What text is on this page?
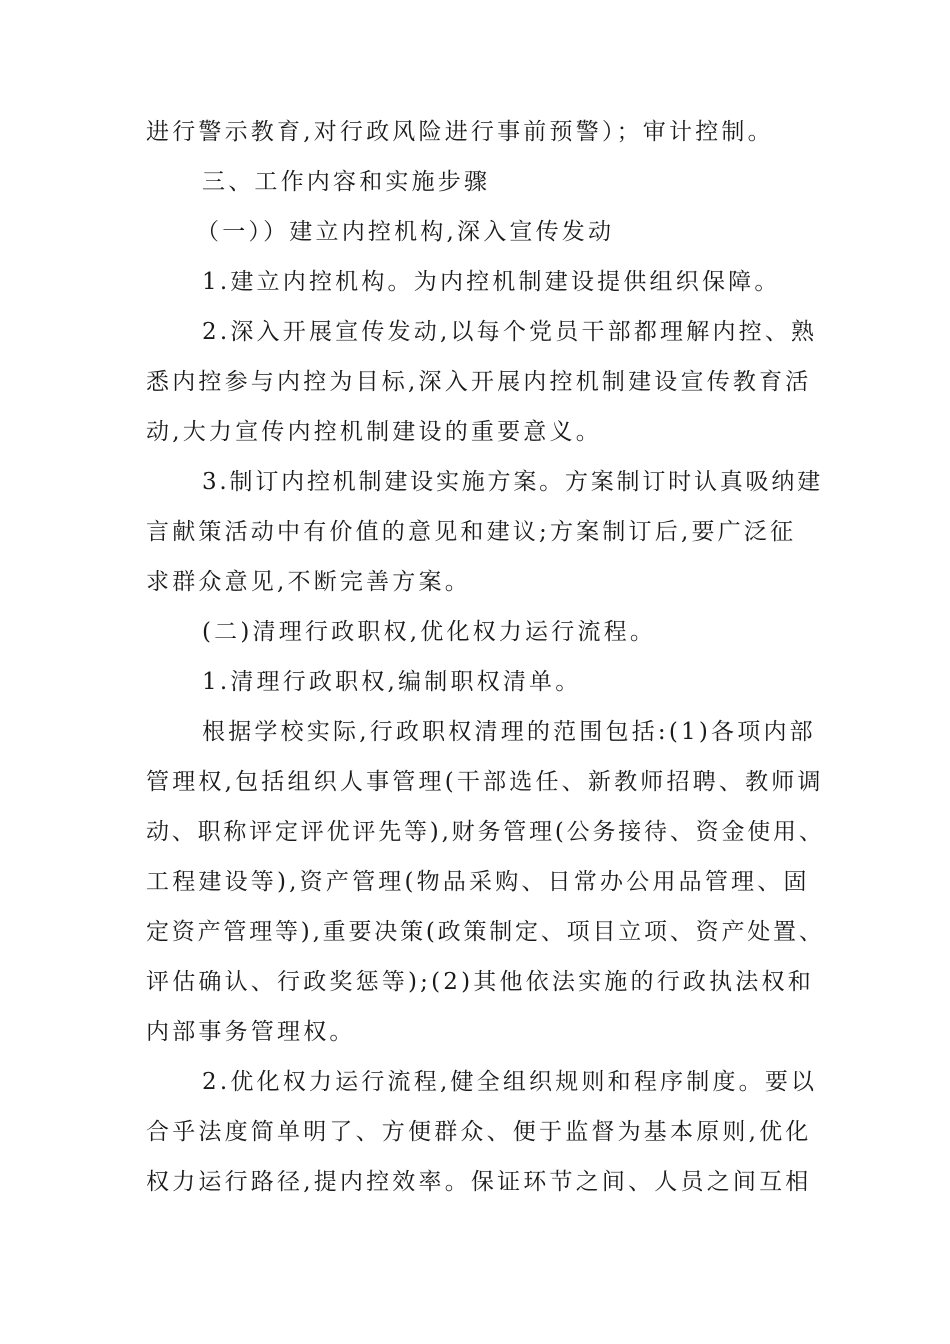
进行警示教育,对行政风险进行事前预警）；审计控制。
三、工作内容和实施步骤
（一））建立内控机构,深入宣传发动
1.建立内控机构。为内控机制建设提供组织保障。
2.深入开展宣传发动,以每个党员干部都理解内控、熟
悉内控参与内控为目标,深入开展内控机制建设宣传教育活
动,大力宣传内控机制建设的重要意义。
3.制订内控机制建设实施方案。方案制订时认真吸纳建
言献策活动中有价值的意见和建议;方案制订后,要广泛征
求群众意见,不断完善方案。
(二)清理行政职权,优化权力运行流程。
1.清理行政职权,编制职权清单。
根据学校实际,行政职权清理的范围包括:(1)各项内部
管理权,包括组织人事管理(干部选任、新教师招聘、教师调
动、职称评定评优评先等),财务管理(公务接待、资金使用、
工程建设等),资产管理(物品采购、日常办公用品管理、固
定资产管理等),重要决策(政策制定、项目立项、资产处置、
评估确认、行政奖惩等);(2)其他依法实施的行政执法权和
内部事务管理权。
2.优化权力运行流程,健全组织规则和程序制度。要以
合乎法度简单明了、方便群众、便于监督为基本原则,优化
权力运行路径,提内控效率。保证环节之间、人员之间互相
